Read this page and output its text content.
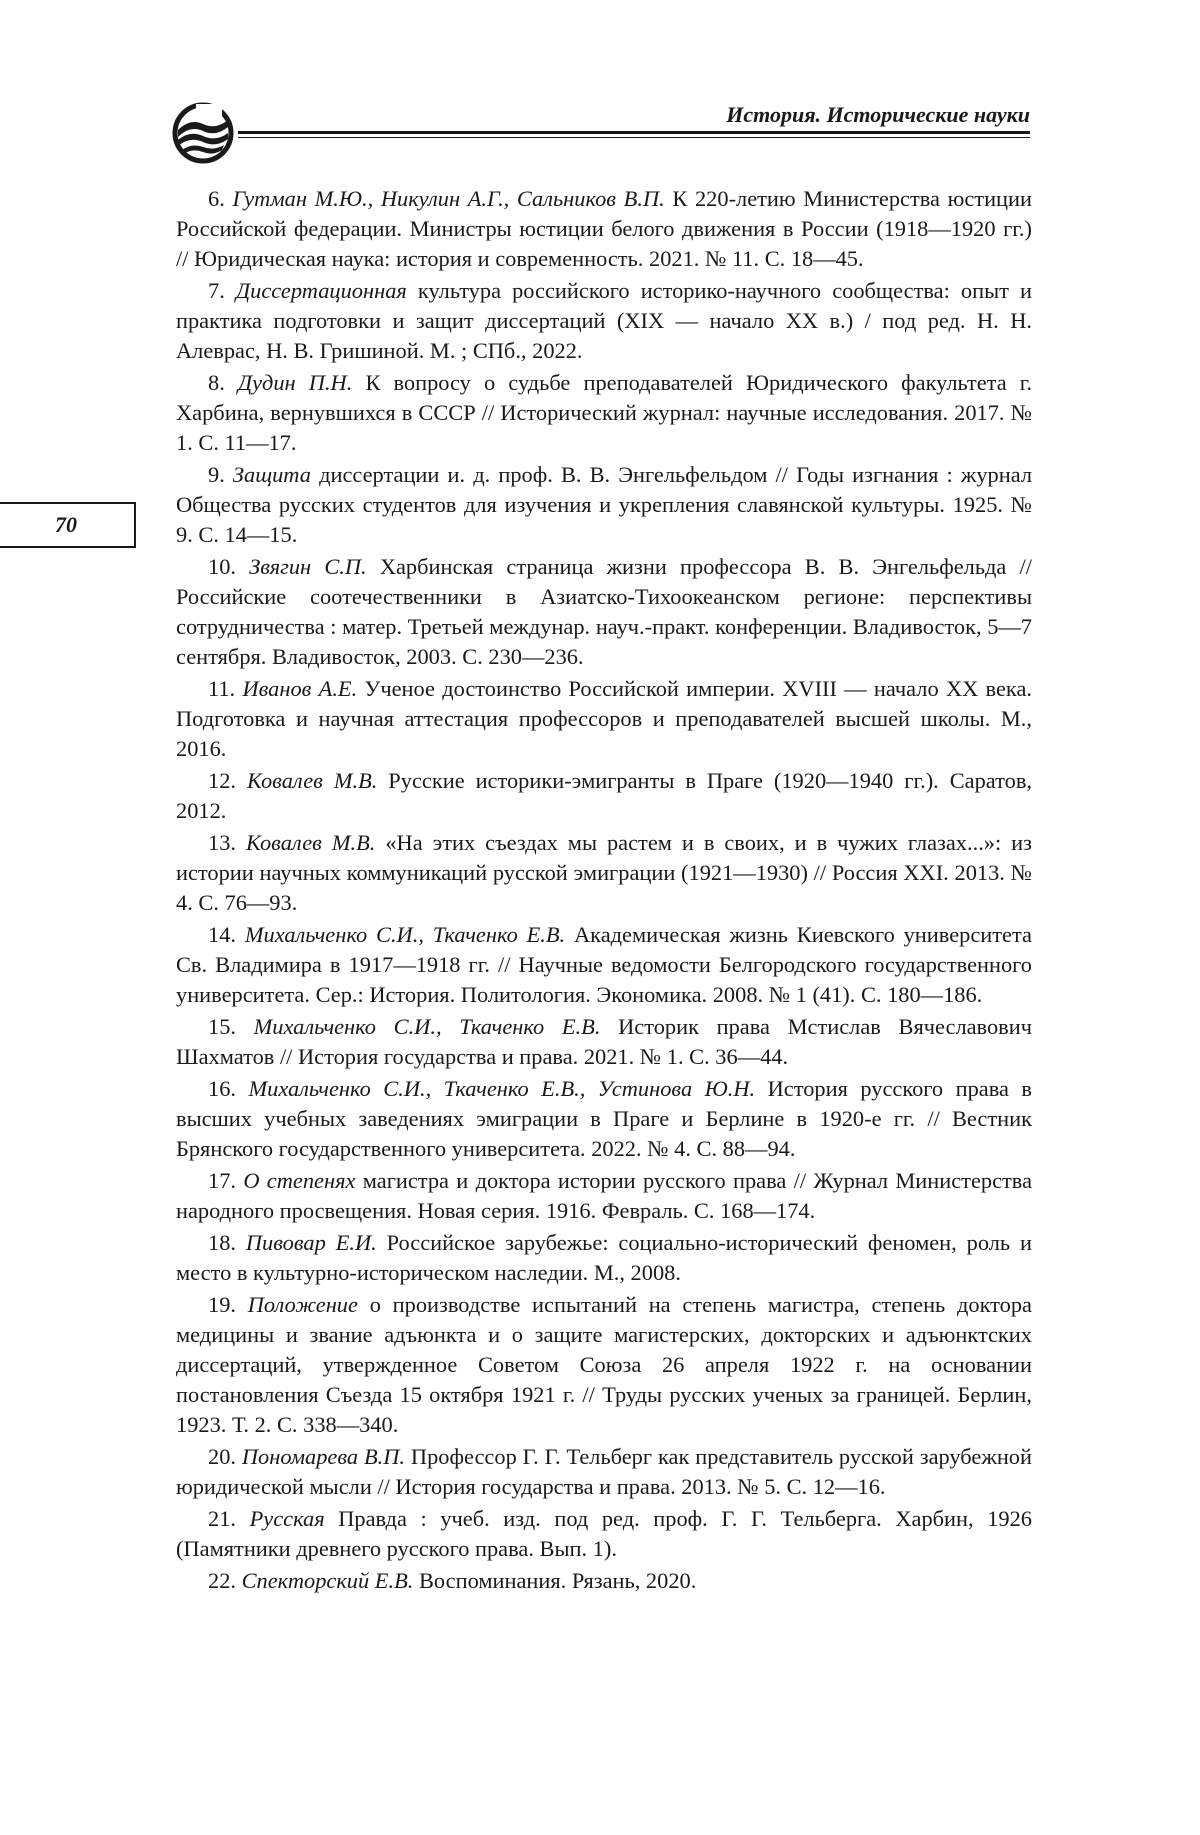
История. Исторические науки
70

6. Гутман М.Ю., Никулин А.Г., Сальников В.П. К 220-летию Министерства юстиции Российской федерации. Министры юстиции белого движения в России (1918—1920 гг.) // Юридическая наука: история и современность. 2021. № 11. С. 18—45.

7. Диссертационная культура российского историко-научного сообщества: опыт и практика подготовки и защит диссертаций (XIX — начало XX в.) / под ред. Н. Н. Алеврас, Н. В. Гришиной. М. ; СПб., 2022.

8. Дудин П.Н. К вопросу о судьбе преподавателей Юридического факультета г. Харбина, вернувшихся в СССР // Исторический журнал: научные исследования. 2017. № 1. С. 11—17.

9. Защита диссертации и. д. проф. В. В. Энгельфельдом // Годы изгнания : журнал Общества русских студентов для изучения и укрепления славянской культуры. 1925. № 9. С. 14—15.

10. Звягин С.П. Харбинская страница жизни профессора В. В. Энгельфельда // Российские соотечественники в Азиатско-Тихоокеанском регионе: перспективы сотрудничества : матер. Третьей междунар. науч.-практ. конференции. Владивосток, 5—7 сентября. Владивосток, 2003. С. 230—236.

11. Иванов А.Е. Ученое достоинство Российской империи. XVIII — начало XX века. Подготовка и научная аттестация профессоров и преподавателей высшей школы. М., 2016.

12. Ковалев М.В. Русские историки-эмигранты в Праге (1920—1940 гг.). Саратов, 2012.

13. Ковалев М.В. «На этих съездах мы растем и в своих, и в чужих глазах...»: из истории научных коммуникаций русской эмиграции (1921—1930) // Россия XXI. 2013. № 4. С. 76—93.

14. Михальченко С.И., Ткаченко Е.В. Академическая жизнь Киевского университета Св. Владимира в 1917—1918 гг. // Научные ведомости Белгородского государственного университета. Сер.: История. Политология. Экономика. 2008. № 1 (41). С. 180—186.

15. Михальченко С.И., Ткаченко Е.В. Историк права Мстислав Вячеславович Шахматов // История государства и права. 2021. № 1. С. 36—44.

16. Михальченко С.И., Ткаченко Е.В., Устинова Ю.Н. История русского права в высших учебных заведениях эмиграции в Праге и Берлине в 1920-е гг. // Вестник Брянского государственного университета. 2022. № 4. С. 88—94.

17. О степенях магистра и доктора истории русского права // Журнал Министерства народного просвещения. Новая серия. 1916. Февраль. С. 168—174.

18. Пивовар Е.И. Российское зарубежье: социально-исторический феномен, роль и место в культурно-историческом наследии. М., 2008.

19. Положение о производстве испытаний на степень магистра, степень доктора медицины и звание адъюнкта и о защите магистерских, докторских и адъюнктских диссертаций, утвержденное Советом Союза 26 апреля 1922 г. на основании постановления Съезда 15 октября 1921 г. // Труды русских ученых за границей. Берлин, 1923. Т. 2. С. 338—340.

20. Пономарева В.П. Профессор Г. Г. Тельберг как представитель русской зарубежной юридической мысли // История государства и права. 2013. № 5. С. 12—16.

21. Русская Правда : учеб. изд. под ред. проф. Г. Г. Тельберга. Харбин, 1926 (Памятники древнего русского права. Вып. 1).

22. Спекторский Е.В. Воспоминания. Рязань, 2020.
